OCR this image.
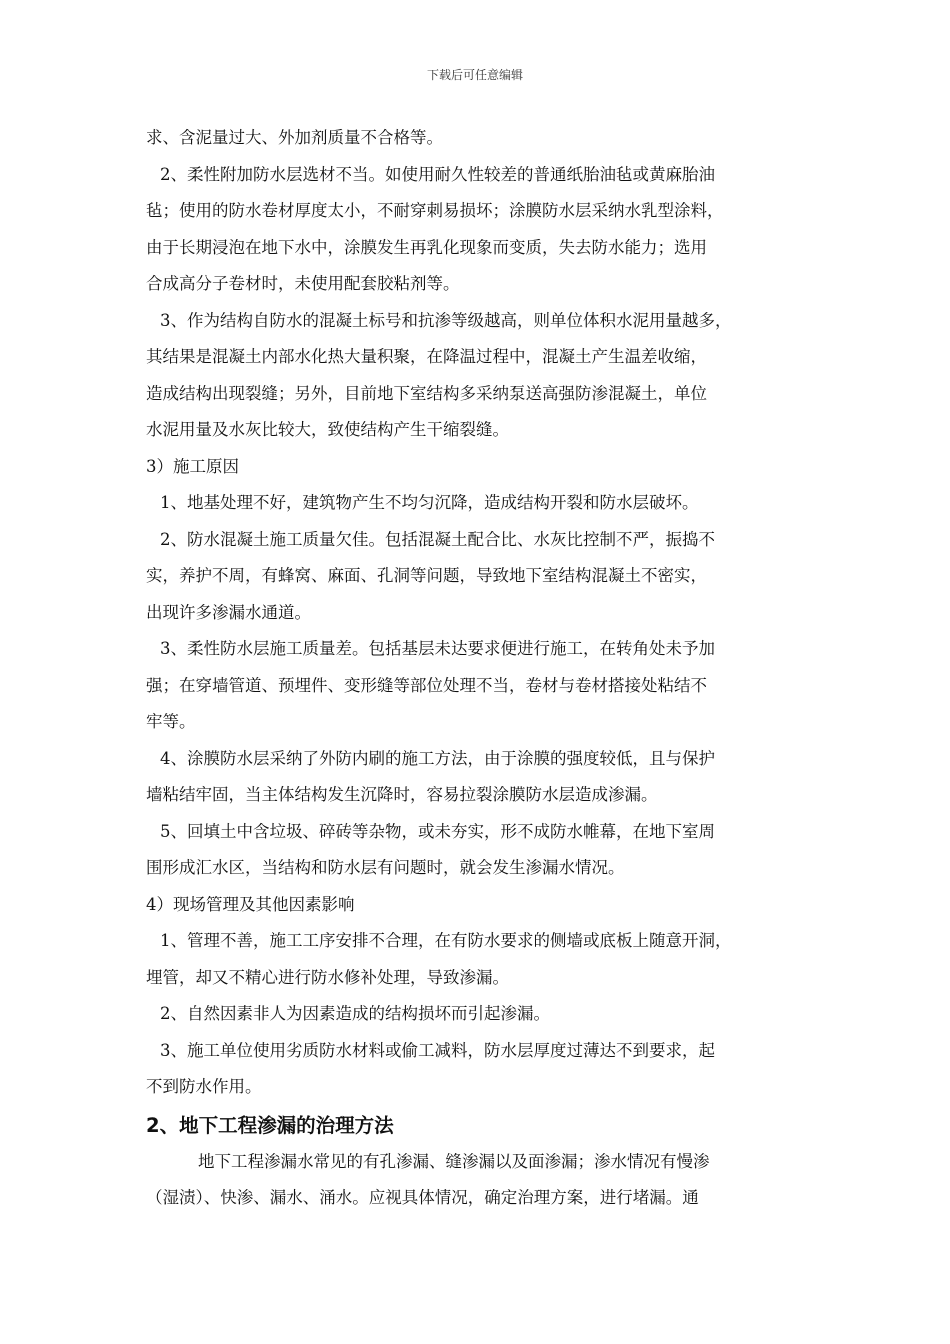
下载后可任意编辑
求、含泥量过大、外加剂质量不合格等。
2、柔性附加防水层选材不当。如使用耐久性较差的普通纸胎油毡或黄麻胎油
毡；使用的防水卷材厚度太小，不耐穿刺易损坏；涂膜防水层采纳水乳型涂料，
由于长期浸泡在地下水中，涂膜发生再乳化现象而变质，失去防水能力；选用
合成高分子卷材时，未使用配套胶粘剂等。
3、作为结构自防水的混凝土标号和抗渗等级越高，则单位体积水泥用量越多，
其结果是混凝土内部水化热大量积聚，在降温过程中，混凝土产生温差收缩，
造成结构出现裂缝；另外，目前地下室结构多采纳泵送高强防渗混凝土，单位
水泥用量及水灰比较大，致使结构产生干缩裂缝。
3）施工原因
1、地基处理不好，建筑物产生不均匀沉降，造成结构开裂和防水层破坏。
2、防水混凝土施工质量欠佳。包括混凝土配合比、水灰比控制不严，振捣不
实，养护不周，有蜂窝、麻面、孔洞等问题，导致地下室结构混凝土不密实，
出现许多渗漏水通道。
3、柔性防水层施工质量差。包括基层未达要求便进行施工，在转角处未予加
强；在穿墙管道、预埋件、变形缝等部位处理不当，卷材与卷材搭接处粘结不
牢等。
4、涂膜防水层采纳了外防内刷的施工方法，由于涂膜的强度较低，且与保护
墙粘结牢固，当主体结构发生沉降时，容易拉裂涂膜防水层造成渗漏。
5、回填土中含垃圾、碎砖等杂物，或未夯实，形不成防水帷幕，在地下室周
围形成汇水区，当结构和防水层有问题时，就会发生渗漏水情况。
4）现场管理及其他因素影响
1、管理不善，施工工序安排不合理，在有防水要求的侧墙或底板上随意开洞，
埋管，却又不精心进行防水修补处理，导致渗漏。
2、自然因素非人为因素造成的结构损坏而引起渗漏。
3、施工单位使用劣质防水材料或偷工减料，防水层厚度过薄达不到要求，起
不到防水作用。
2、地下工程渗漏的治理方法
地下工程渗漏水常见的有孔渗漏、缝渗漏以及面渗漏；渗水情况有慢渗
（湿渍）、快渗、漏水、涌水。应视具体情况，确定治理方案，进行堵漏。通
